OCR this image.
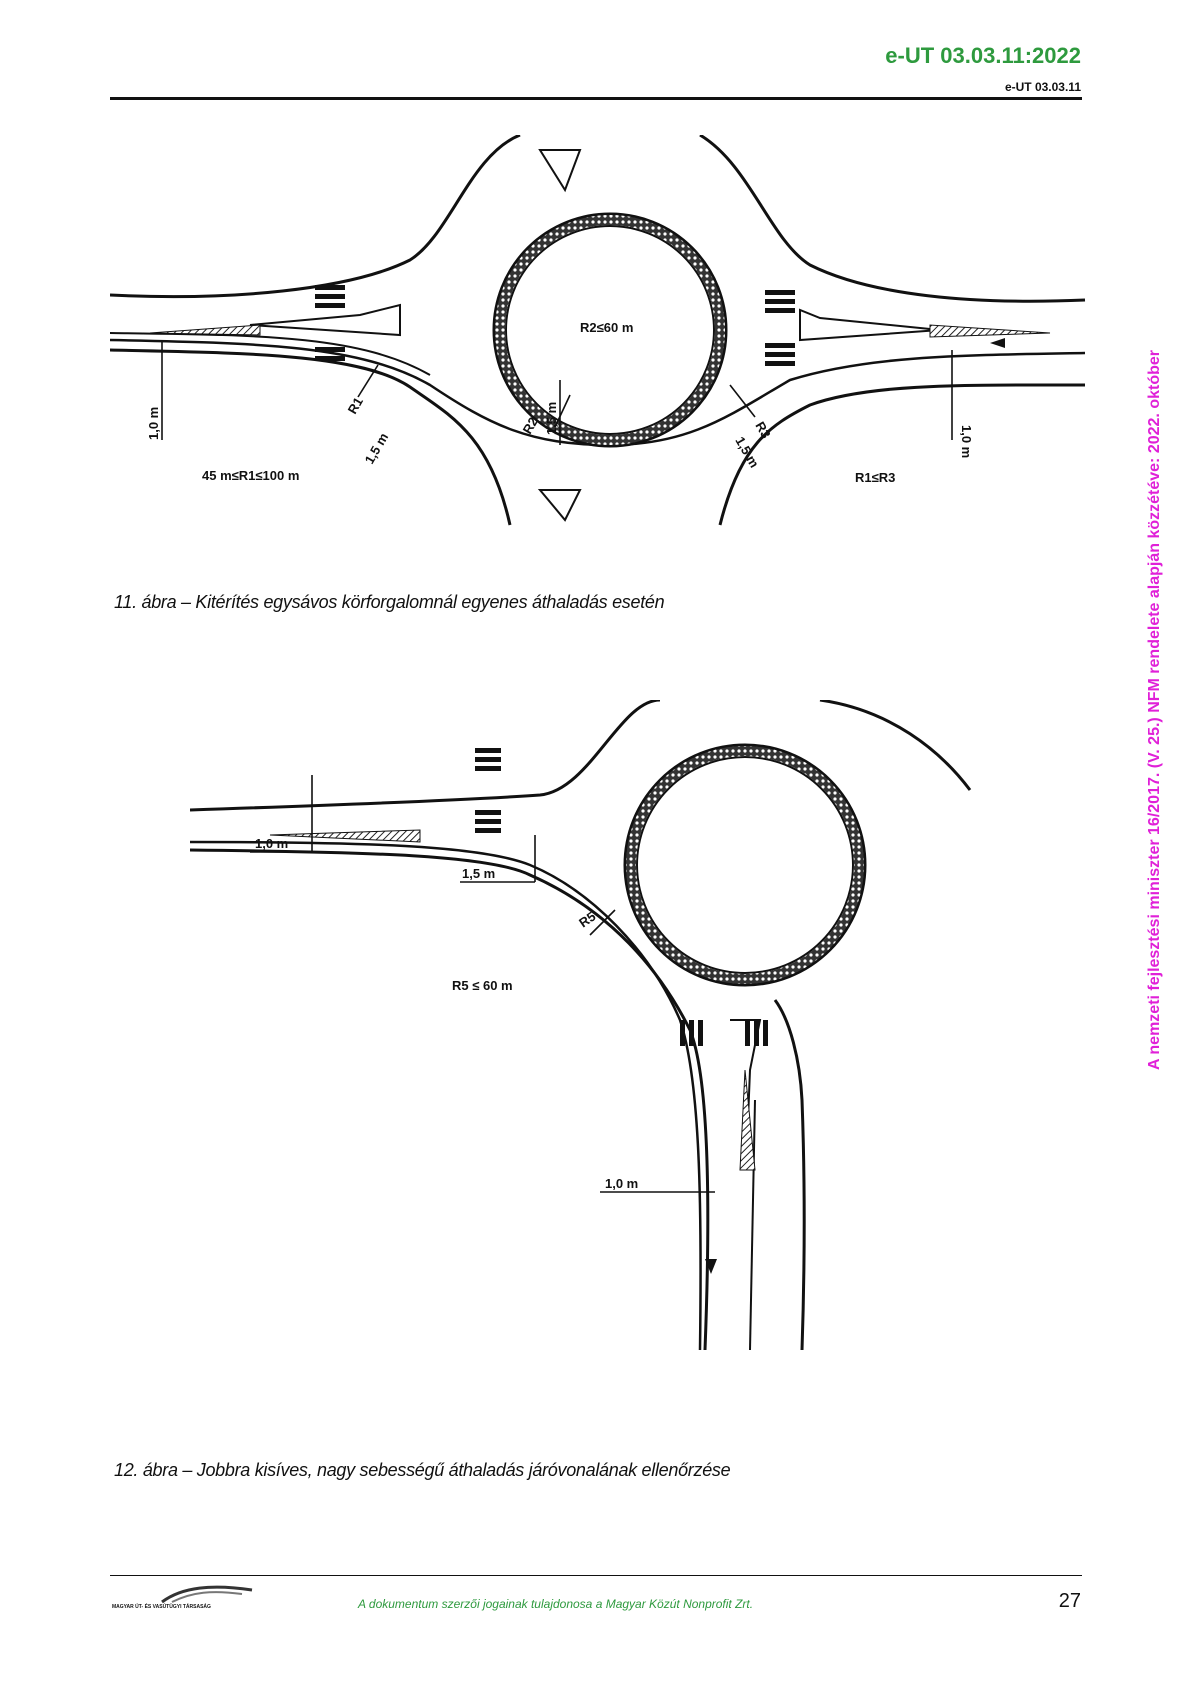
e-UT 03.03.11:2022
e-UT 03.03.11
A nemzeti fejlesztési miniszter 16/2017. (V. 25.) NFM rendelete alapján közzétéve: 2022. október
R2≤60 m
R2 1,5 m
R1
1,5 m
1,0 m
45 m≤R1≤100 m
R3
1,5 m	1,0 m
R1≤R3
11. ábra – Kitérítés egysávos körforgalomnál egyenes áthaladás esetén
1,0 m
1,5 m
R5
R5 ≤ 60 m
1,0 m
12. ábra – Jobbra kisíves, nagy sebességű áthaladás járóvonalának ellenőrzése
MAGYAR ÚT- ÉS VASÚTÜGYI TÁRSASÁG	A dokumentum szerzői jogainak tulajdonosa a Magyar Közút Nonprofit Zrt.	27
